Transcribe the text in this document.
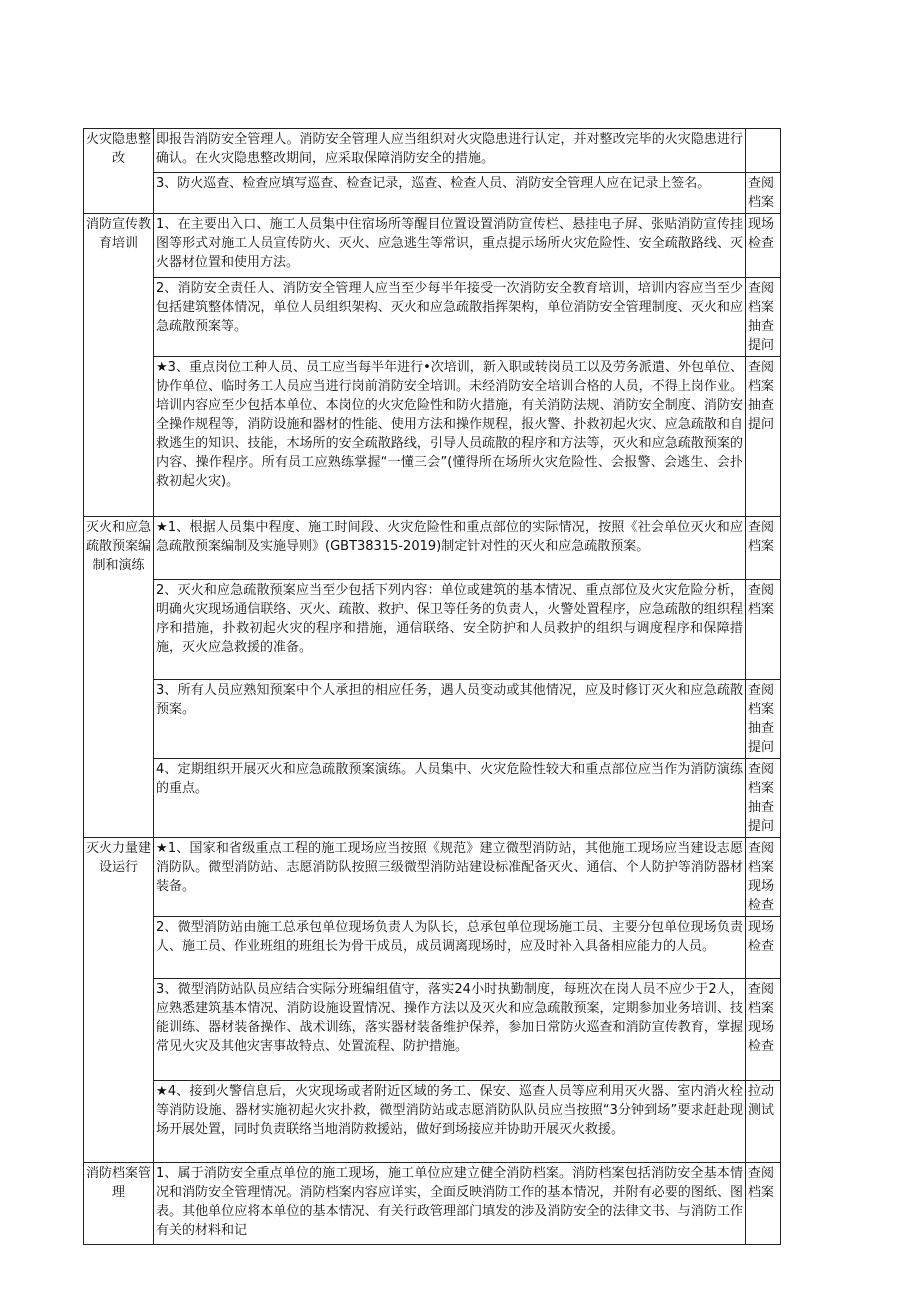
火灾隐患整改	即报告消防安全管理人。消防安全管理人应当组织对火灾隐患进行认定，并对整改完毕的火灾隐患进行确认。在火灾隐患整改期间，应采取保障消防安全的措施。	
	3、防火巡查、检查应填写巡查、检查记录，巡查、检查人员、消防安全管理人应在记录上签名。	查阅档案
消防宣传教育培训	1、在主要出入口、施工人员集中住宿场所等醒目位置设置消防宣传栏、悬挂电子屏、张贴消防宣传挂图等形式对施工人员宣传防火、灭火、应急逃生等常识，重点提示场所火灾危险性、安全疏散路线、灭火器材位置和使用方法。	现场检查
	2、消防安全责任人、消防安全管理人应当至少每半年接受一次消防安全教育培训，培训内容应当至少包括建筑整体情况，单位人员组织架构、灭火和应急疏散指挥架构，单位消防安全管理制度、灭火和应急疏散预案等。	查阅档案抽查提问
	★3、重点岗位工种人员、员工应当每半年进行•次培训，新入职或转岗员工以及劳务派遣、外包单位、协作单位、临时务工人员应当进行岗前消防安全培训。未经消防安全培训合格的人员，不得上岗作业。培训内容应至少包括本单位、本岗位的火灾危险性和防火措施，有关消防法规、消防安全制度、消防安全操作规程等，消防设施和器材的性能、使用方法和操作规程，报火警、扑救初起火灾、应急疏散和自救逃生的知识、技能，木场所的安全疏散路线，引导人员疏散的程序和方法等，灭火和应急疏散预案的内容、操作程序。所有员工应熟练掌握“一懂三会”(懂得所在场所火灾危险性、会报警、会逃生、会扑救初起火灾)。	查阅档案抽查提问
灭火和应急疏散预案编制和演练	★1、根据人员集中程度、施工时间段、火灾危险性和重点部位的实际情况，按照《社会单位灭火和应急疏散预案编制及实施导则》(GBT38315-2019)制定针对性的灭火和应急疏散预案。	查阅档案
	2、灭火和应急疏散预案应当至少包括下列内容：单位或建筑的基本情况、重点部位及火灾危险分析，明确火灾现场通信联络、灭火、疏散、救护、保卫等任务的负责人，火警处置程序，应急疏散的组织程序和措施，扑救初起火灾的程序和措施，通信联络、安全防护和人员救护的组织与调度程序和保障措施，灭火应急救援的准备。	查阅档案
	3、所有人员应熟知预案中个人承担的相应任务，遇人员变动或其他情况，应及时修订灭火和应急疏散预案。	查阅档案抽查提问
	4、定期组织开展灭火和应急疏散预案演练。人员集中、火灾危险性较大和重点部位应当作为消防演练的重点。	查阅档案抽查提问
灭火力量建设运行	★1、国家和省级重点工程的施工现场应当按照《规范》建立微型消防站，其他施工现场应当建设志愿消防队。微型消防站、志愿消防队按照三级微型消防站建设标准配备灭火、通信、个人防护等消防器材装备。	查阅档案现场检查
	2、微型消防站由施工总承包单位现场负责人为队长，总承包单位现场施工员、主要分包单位现场负责人、施工员、作业班组的班组长为骨干成员，成员调离现场时，应及时补入具备相应能力的人员。	现场检查
	3、微型消防站队员应结合实际分班编组值守，落实24小时执勤制度，每班次在岗人员不应少于2人，应熟悉建筑基本情况、消防设施设置情况、操作方法以及灭火和应急疏散预案，定期参加业务培训、技能训练、器材装备操作、战术训练，落实器材装备维护保养，参加日常防火巡查和消防宣传教育，掌握常见火灾及其他灾害事故特点、处置流程、防护措施。	查阅档案现场检查
	★4、接到火警信息后，火灾现场或者附近区域的务工、保安、巡查人员等应利用灭火器、室内消火栓等消防设施、器材实施初起火灾扑救，微型消防站或志愿消防队队员应当按照“3分钟到场”要求赶赴现场开展处置，同时负责联络当地消防救援站，做好到场接应并协助开展灭火救援。	拉动测试
消防档案管理	1、属于消防安全重点单位的施工现场，施工单位应建立健全消防档案。消防档案包括消防安全基本情况和消防安全管理情况。消防档案内容应详实，全面反映消防工作的基本情况，并附有必要的图纸、图表。其他单位应将本单位的基本情况、有关行政管理部门填发的涉及消防安全的法律文书、与消防工作有关的材料和记	查阅档案
